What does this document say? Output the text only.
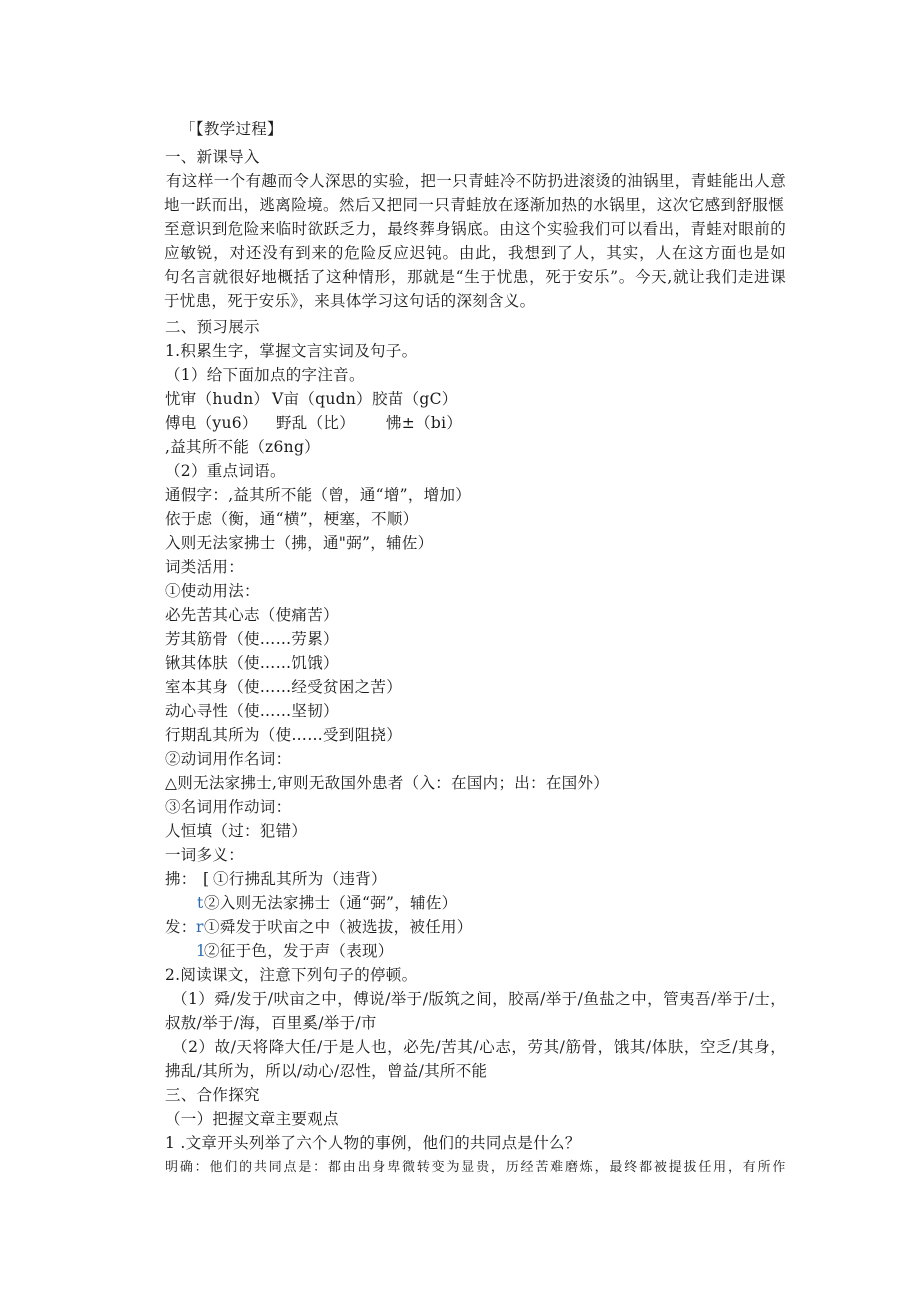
「【教学过程】
一、新课导入
有这样一个有趣而令人深思的实验，把一只青蛙冷不防扔进滚烫的油锅里，青蛙能出人意
地一跃而出，逃离险境。然后又把同一只青蛙放在逐渐加热的水锅里，这次它感到舒服惬
至意识到危险来临时欲跃乏力，最终葬身锅底。由这个实验我们可以看出，青蛙对眼前的
应敏锐，对还没有到来的危险反应迟钝。由此，我想到了人，其实，人在这方面也是如
句名言就很好地概括了这种情形，那就是“生于忧患，死于安乐”。今天,就让我们走进课
于忧患，死于安乐》，来具体学习这句话的深刻含义。
二、预习展示
1.积累生字，掌握文言实词及句子。
（1）给下面加点的字注音。
忧审（hudn） V亩（qudn） 胶苗（gC）
傅电（yu6） 野乱（比） 怫±（bi）
,益其所不能（z6ng）
（2）重点词语。
通假字：,益其所不能（曾，通“增”，增加）
依于虑（衡，通“横”，梗塞，不顺）
入则无法家拂士（拂，通"弼”，辅佐）
词类活用：
①使动用法：
必先苦其心志（使痛苦）
芳其筋骨（使……劳累）
锹其体肤（使……饥饿）
室本其身（使……经受贫困之苦）
动心寻性（使……坚韧）
行期乱其所为（使……受到阻挠）
②动词用作名词：
△则无法家拂士,审则无敌国外患者（入：在国内；出：在国外）
③名词用作动词：
人恒填（过：犯错）
一词多义：
拂： [ ①行拂乱其所为（违背）
t ②入则无法家拂士（通“弼”，辅佐）
发： r ①舜发于吠亩之中（被选拔，被任用）
1
②征于色，发于声（表现）
2.阅读课文，注意下列句子的停顿。
（1）舜/发于/吠亩之中，傅说/举于/版筑之间，胶鬲/举于/鱼盐之中，管夷吾/举于/士，
叔敖/举于/海，百里奚/举于/市
（2）故/天将降大任/于是人也，必先/苦其/心志，劳其/筋骨，饿其/体肤，空乏/其身，
拂乱/其所为，所以/动心/忍性，曾益/其所不能
三、合作探究
（一）把握文章主要观点
1 .文章开头列举了六个人物的事例，他们的共同点是什么？
明确：他们的共同点是：都由出身卑微转变为显贵，历经苦难磨炼，最终都被提拔任用，有所作
